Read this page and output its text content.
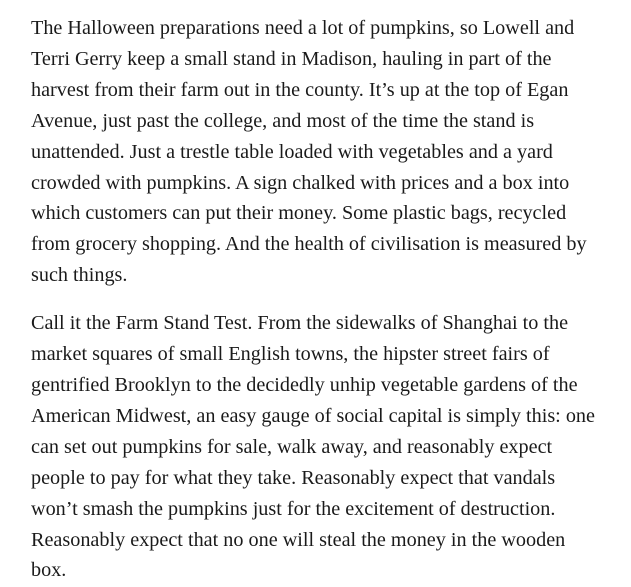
The Halloween preparations need a lot of pumpkins, so Lowell and
Terri Gerry keep a small stand in Madison, hauling in part of the
harvest from their farm out in the county. It’s up at the top of Egan
Avenue, just past the college, and most of the time the stand is
unattended. Just a trestle table loaded with vegetables and a yard
crowded with pumpkins. A sign chalked with prices and a box into
which customers can put their money. Some plastic bags, recycled
from grocery shopping. And the health of civilisation is measured by
such things.

Call it the Farm Stand Test. From the sidewalks of Shanghai to the
market squares of small English towns, the hipster street fairs of
gentrified Brooklyn to the decidedly unhip vegetable gardens of the
American Midwest, an easy gauge of social capital is simply this: one
can set out pumpkins for sale, walk away, and reasonably expect
people to pay for what they take. Reasonably expect that vandals
won’t smash the pumpkins just for the excitement of destruction.
Reasonably expect that no one will steal the money in the wooden
box.
